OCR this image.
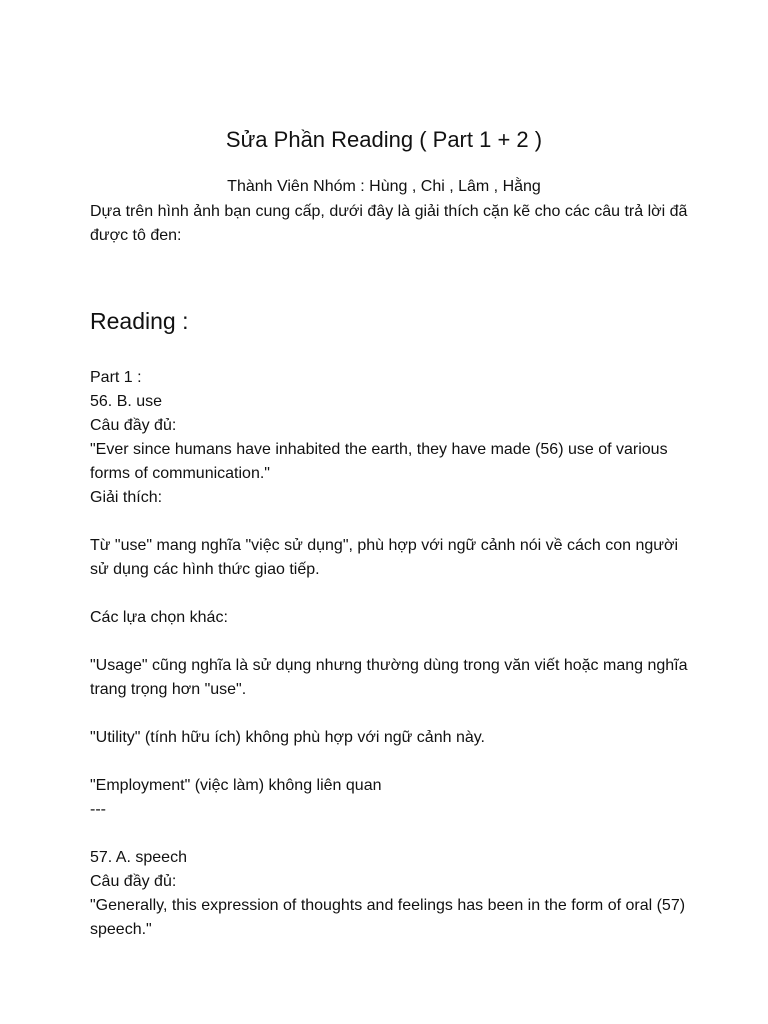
Sửa Phần Reading ( Part 1 + 2 )
Thành Viên Nhóm : Hùng , Chi , Lâm , Hằng

Dựa trên hình ảnh bạn cung cấp, dưới đây là giải thích cặn kẽ cho các câu trả lời đã được tô đen:

Reading :

Part 1 :

56. B. use

Câu đầy đủ:

"Ever since humans have inhabited the earth, they have made (56) use of various forms of communication."

Giải thích:

Từ "use" mang nghĩa "việc sử dụng", phù hợp với ngữ cảnh nói về cách con người sử dụng các hình thức giao tiếp.

Các lựa chọn khác:

"Usage" cũng nghĩa là sử dụng nhưng thường dùng trong văn viết hoặc mang nghĩa trang trọng hơn "use".

"Utility" (tính hữu ích) không phù hợp với ngữ cảnh này.

"Employment" (việc làm) không liên quan

---

57. A. speech

Câu đầy đủ:

"Generally, this expression of thoughts and feelings has been in the form of oral (57) speech."
